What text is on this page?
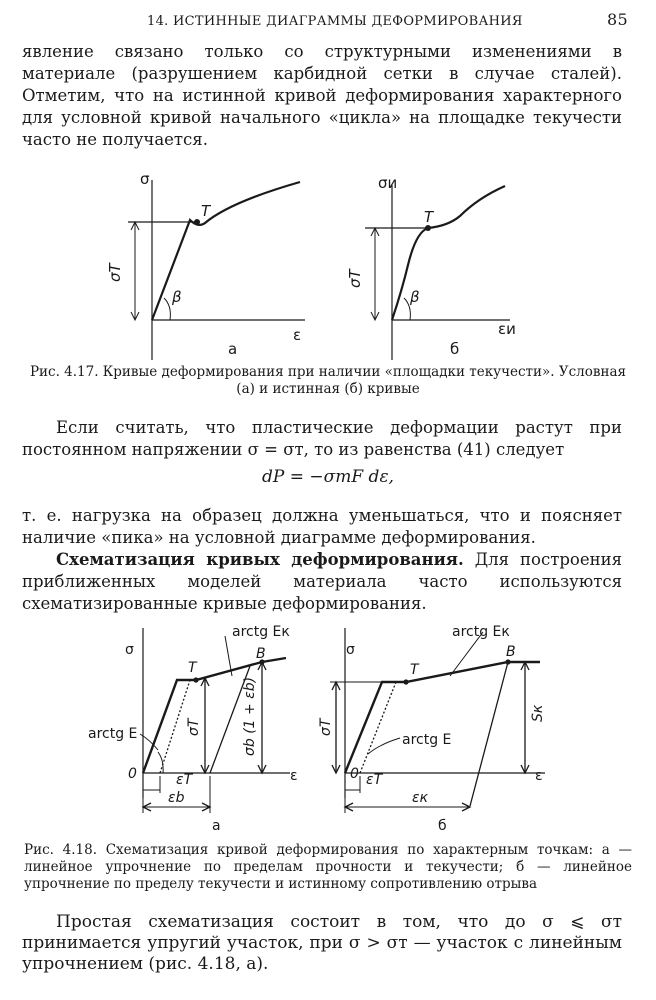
14. ИСТИННЫЕ ДИАГРАММЫ ДЕФОРМИРОВАНИЯ	85

явление связано только со структурными изменениями в материале (разрушением карбидной сетки в случае сталей). Отметим, что на истинной кривой деформирования характерного для условной кривой начального «цикла» на площадке текучести часто не получается.

σ
ε
T
σT
β
а
σи
εи
T
σT
β
б
Рис. 4.17. Кривые деформирования при наличии «площадки текучести». Условная (а) и истинная (б) кривые

Если считать, что пластические деформации растут при постоянном напряжении σ = σт, то из равенства (41) следует

dP = −σтF dε,

т. е. нагрузка на образец должна уменьшаться, что и поясняет наличие «пика» на условной диаграмме деформирования.

Схематизация кривых деформирования. Для построения приближенных моделей материала часто используются схематизированные кривые деформирования.

σ
ε
0
T
B
arctg Eк
arctg E	σT	σb (1 + εb)
εT
εb
а
σ
ε
0
T
B
arctg Eк
arctg E
σT
Sк
εT
εк
б
Рис. 4.18. Схематизация кривой деформирования по характерным точкам: а — линейное упрочнение по пределам прочности и текучести; б — линейное упрочнение по пределу текучести и истинному сопротивлению отрыва

Простая схематизация состоит в том, что до σ ⩽ σт принимается упругий участок, при σ > σт — участок с линейным упрочнением (рис. 4.18, а).
